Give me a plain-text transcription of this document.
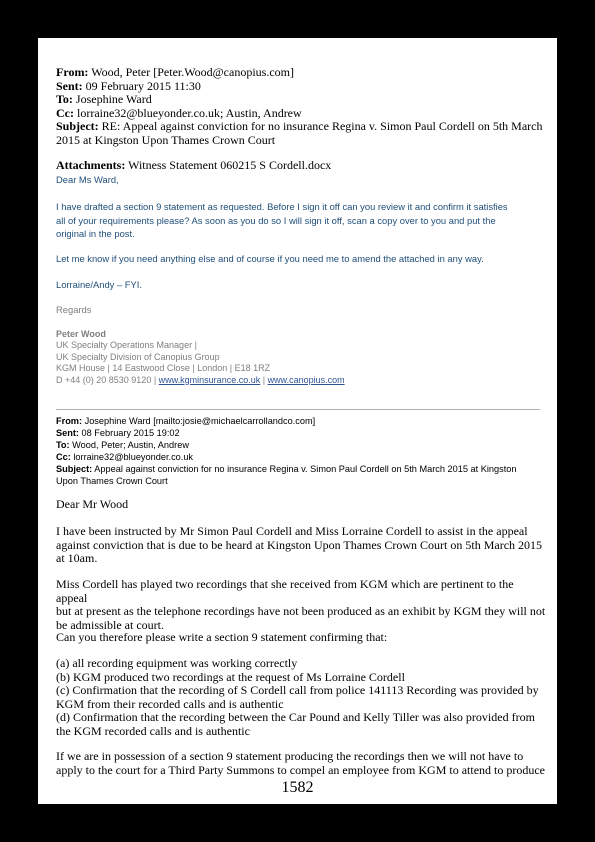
From: Wood, Peter [Peter.Wood@canopius.com]

Sent: 09 February 2015 11:30

To: Josephine Ward

Cc: lorraine32@blueyonder.co.uk; Austin, Andrew

Subject: RE: Appeal against conviction for no insurance Regina v. Simon Paul Cordell on 5th March

2015 at Kingston Upon Thames Crown Court

Attachments: Witness Statement 060215 S Cordell.docx
Dear Ms Ward,

I have drafted a section 9 statement as requested. Before I sign it off can you review it and confirm it satisfies

all of your requirements please? As soon as you do so I will sign it off, scan a copy over to you and put the

original in the post.

Let me know if you need anything else and of course if you need me to amend the attached in any way.
Lorraine/Andy – FYI.
Regards

Peter Wood

UK Specialty Operations Manager |

UK Specialty Division of Canopius Group

KGM House | 14 Eastwood Close | London | E18 1RZ

D +44 (0) 20 8530 9120 | www.kgminsurance.co.uk | www.canopius.com

From: Josephine Ward [mailto:josie@michaelcarrollandco.com]

Sent: 08 February 2015 19:02

To: Wood, Peter; Austin, Andrew

Cc: lorraine32@blueyonder.co.uk

Subject: Appeal against conviction for no insurance Regina v. Simon Paul Cordell on 5th March 2015 at Kingston

Upon Thames Crown Court

Dear Mr Wood

I have been instructed by Mr Simon Paul Cordell and Miss Lorraine Cordell to assist in the appeal

against conviction that is due to be heard at Kingston Upon Thames Crown Court on 5th March 2015

at 10am.

Miss Cordell has played two recordings that she received from KGM which are pertinent to the appeal

but at present as the telephone recordings have not been produced as an exhibit by KGM they will not

be admissible at court.

Can you therefore please write a section 9 statement confirming that:

(a) all recording equipment was working correctly

(b) KGM produced two recordings at the request of Ms Lorraine Cordell

(c) Confirmation that the recording of S Cordell call from police 141113 Recording was provided by

KGM from their recorded calls and is authentic

(d) Confirmation that the recording between the Car Pound and Kelly Tiller was also provided from

the KGM recorded calls and is authentic

If we are in possession of a section 9 statement producing the recordings then we will not have to

apply to the court for a Third Party Summons to compel an employee from KGM to attend to produce

1582
